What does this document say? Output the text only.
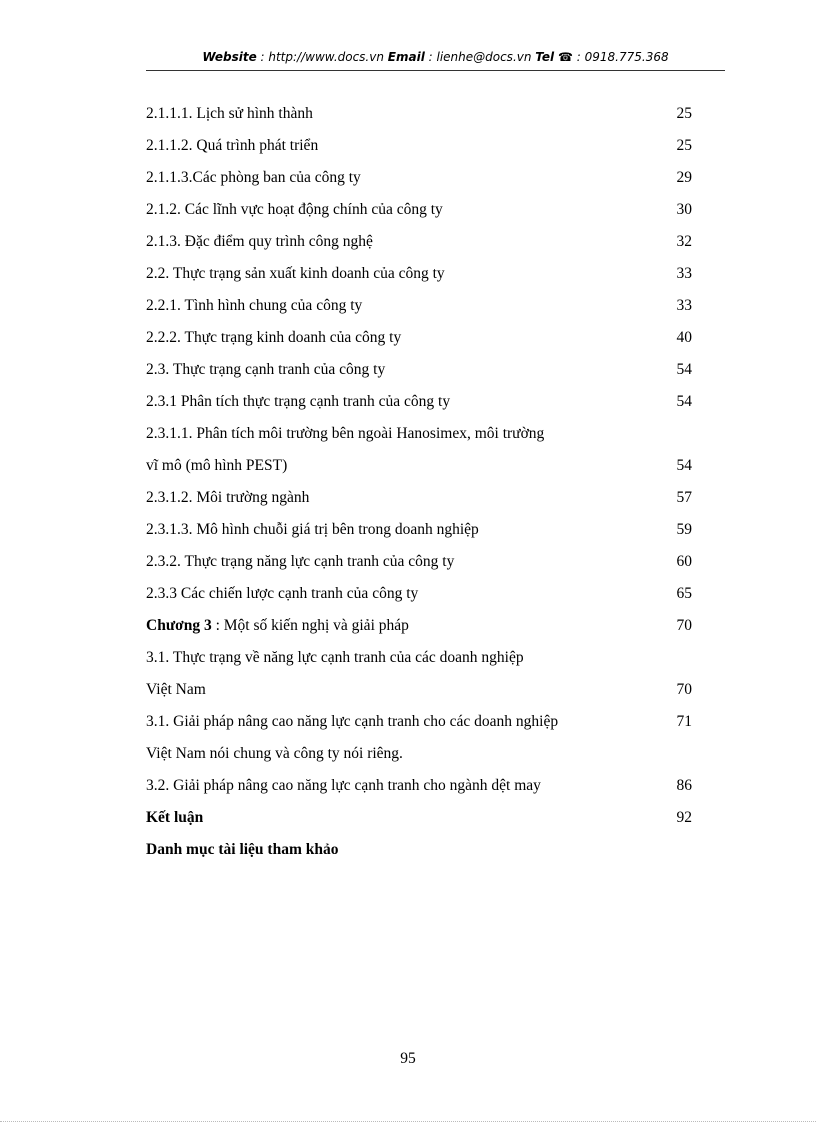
Website : http://www.docs.vn Email : lienhe@docs.vn Tel ☎ : 0918.775.368
2.1.1.1. Lịch sử hình thành	25
2.1.1.2. Quá trình phát triển	25
2.1.1.3.Các phòng ban của công ty	29
2.1.2. Các lĩnh vực hoạt động chính của công ty	30
2.1.3. Đặc điểm quy trình công nghệ	32
2.2. Thực trạng sản xuất kinh doanh của công ty	33
2.2.1. Tình hình chung của công ty	33
2.2.2. Thực trạng kinh doanh của công ty	40
2.3. Thực trạng cạnh tranh của công ty	54
2.3.1 Phân tích thực trạng cạnh tranh của công ty	54
2.3.1.1. Phân tích môi trường bên ngoài Hanosimex, môi trường
vĩ mô (mô hình PEST)	54
2.3.1.2. Môi trường ngành	57
2.3.1.3. Mô hình chuỗi giá trị bên trong doanh nghiệp	59
2.3.2. Thực trạng năng lực cạnh tranh của công ty	60
2.3.3 Các chiến lược cạnh tranh của công ty	65
Chương 3 : Một số kiến nghị và giải pháp	70
3.1. Thực trạng về năng lực cạnh tranh của các doanh nghiệp
Việt Nam	70
3.1. Giải pháp nâng cao năng lực cạnh tranh cho các doanh nghiệp	71
Việt Nam nói chung và công ty nói riêng.
3.2. Giải pháp nâng cao năng lực cạnh tranh cho ngành dệt may	86
Kết luận	92
Danh mục tài liệu tham khảo
95
